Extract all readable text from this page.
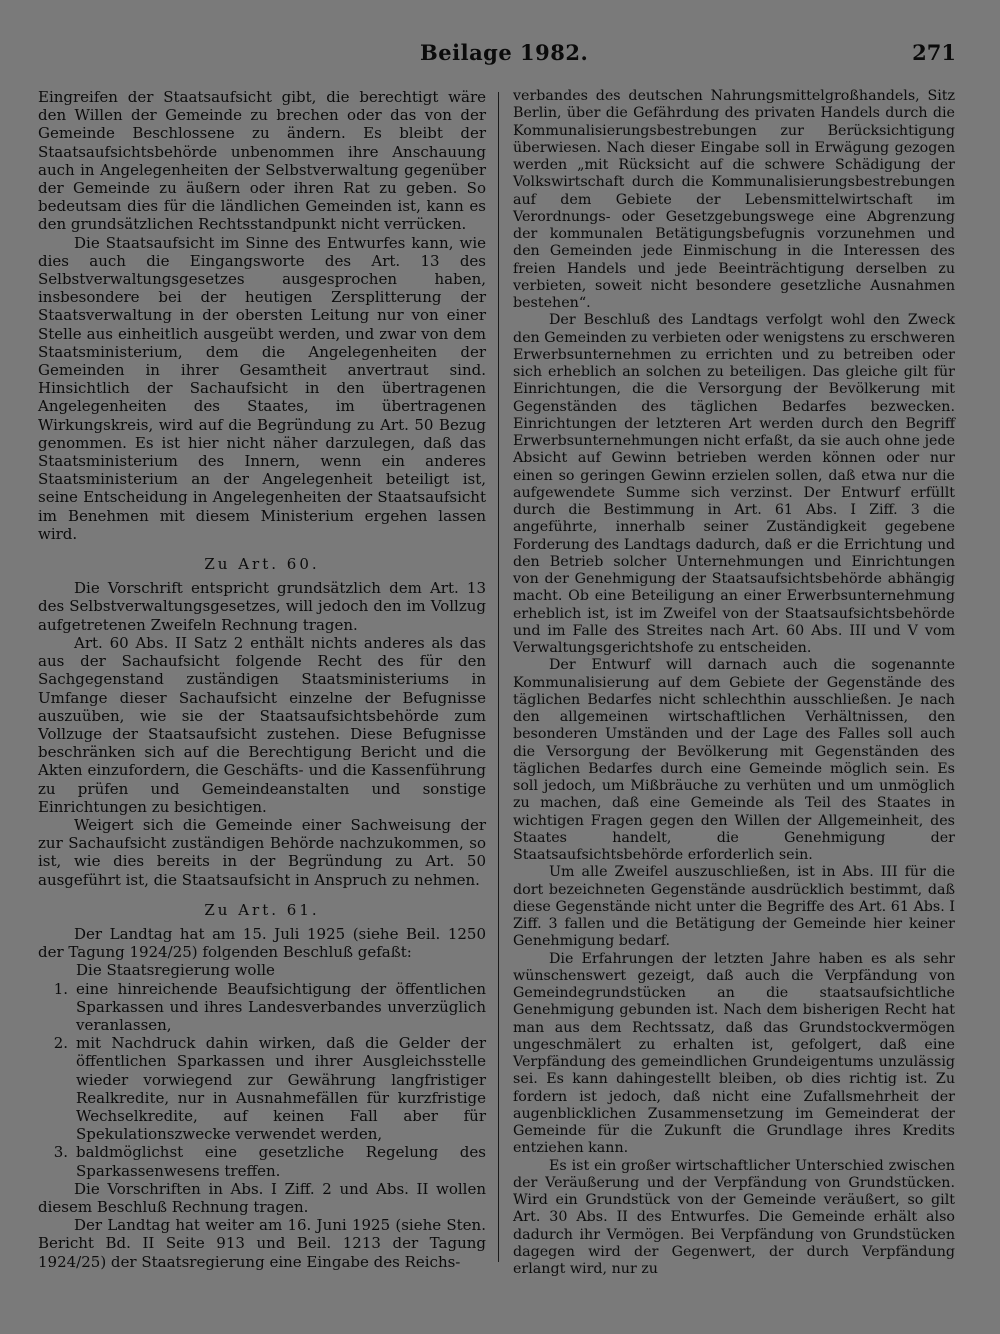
Beilage 1982.	271

Eingreifen der Staatsaufsicht gibt, die berechtigt wäre den Willen der Gemeinde zu brechen oder das von der Gemeinde Beschlossene zu ändern. Es bleibt der Staatsaufsichtsbehörde unbenommen ihre Anschauung auch in Angelegenheiten der Selbstverwaltung gegenüber der Gemeinde zu äußern oder ihren Rat zu geben. So bedeutsam dies für die ländlichen Gemeinden ist, kann es den grundsätzlichen Rechtsstandpunkt nicht verrücken.

Die Staatsaufsicht im Sinne des Entwurfes kann, wie dies auch die Eingangsworte des Art. 13 des Selbstverwaltungsgesetzes ausgesprochen haben, insbesondere bei der heutigen Zersplitterung der Staatsverwaltung in der obersten Leitung nur von einer Stelle aus einheitlich ausgeübt werden, und zwar von dem Staatsministerium, dem die Angelegenheiten der Gemeinden in ihrer Gesamtheit anvertraut sind. Hinsichtlich der Sachaufsicht in den übertragenen Angelegenheiten des Staates, im übertragenen Wirkungskreis, wird auf die Begründung zu Art. 50 Bezug genommen. Es ist hier nicht näher darzulegen, daß das Staatsministerium des Innern, wenn ein anderes Staatsministerium an der Angelegenheit beteiligt ist, seine Entscheidung in Angelegenheiten der Staatsaufsicht im Benehmen mit diesem Ministerium ergehen lassen wird.

Zu Art. 60.

Die Vorschrift entspricht grundsätzlich dem Art. 13 des Selbstverwaltungsgesetzes, will jedoch den im Vollzug aufgetretenen Zweifeln Rechnung tragen.

Art. 60 Abs. II Satz 2 enthält nichts anderes als das aus der Sachaufsicht folgende Recht des für den Sachgegenstand zuständigen Staatsministeriums in Umfange dieser Sachaufsicht einzelne der Befugnisse auszuüben, wie sie der Staatsaufsichtsbehörde zum Vollzuge der Staatsaufsicht zustehen. Diese Befugnisse beschränken sich auf die Berechtigung Bericht und die Akten einzufordern, die Geschäfts- und die Kassenführung zu prüfen und Gemeindeanstalten und sonstige Einrichtungen zu besichtigen.

Weigert sich die Gemeinde einer Sachweisung der zur Sachaufsicht zuständigen Behörde nachzukommen, so ist, wie dies bereits in der Begründung zu Art. 50 ausgeführt ist, die Staatsaufsicht in Anspruch zu nehmen.

Zu Art. 61.

Der Landtag hat am 15. Juli 1925 (siehe Beil. 1250 der Tagung 1924/25) folgenden Beschluß gefaßt:

Die Staatsregierung wolle

1. eine hinreichende Beaufsichtigung der öffentlichen Sparkassen und ihres Landesverbandes unverzüglich veranlassen,
2. mit Nachdruck dahin wirken, daß die Gelder der öffentlichen Sparkassen und ihrer Ausgleichsstelle wieder vorwiegend zur Gewährung langfristiger Realkredite, nur in Ausnahmefällen für kurzfristige Wechselkredite, auf keinen Fall aber für Spekulationszwecke verwendet werden,
3. baldmöglichst eine gesetzliche Regelung des Sparkassenwesens treffen.

Die Vorschriften in Abs. I Ziff. 2 und Abs. II wollen diesem Beschluß Rechnung tragen.

Der Landtag hat weiter am 16. Juni 1925 (siehe Sten. Bericht Bd. II Seite 913 und Beil. 1213 der Tagung 1924/25) der Staatsregierung eine Eingabe des Reichs-

verbandes des deutschen Nahrungsmittelgroßhandels, Sitz Berlin, über die Gefährdung des privaten Handels durch die Kommunalisierungsbestrebungen zur Berücksichtigung überwiesen. Nach dieser Eingabe soll in Erwägung gezogen werden „mit Rücksicht auf die schwere Schädigung der Volkswirtschaft durch die Kommunalisierungsbestrebungen auf dem Gebiete der Lebensmittelwirtschaft im Verordnungs- oder Gesetzgebungswege eine Abgrenzung der kommunalen Betätigungsbefugnis vorzunehmen und den Gemeinden jede Einmischung in die Interessen des freien Handels und jede Beeinträchtigung derselben zu verbieten, soweit nicht besondere gesetzliche Ausnahmen bestehen“.

Der Beschluß des Landtags verfolgt wohl den Zweck den Gemeinden zu verbieten oder wenigstens zu erschweren Erwerbsunternehmen zu errichten und zu betreiben oder sich erheblich an solchen zu beteiligen. Das gleiche gilt für Einrichtungen, die die Versorgung der Bevölkerung mit Gegenständen des täglichen Bedarfes bezwecken. Einrichtungen der letzteren Art werden durch den Begriff Erwerbsunternehmungen nicht erfaßt, da sie auch ohne jede Absicht auf Gewinn betrieben werden können oder nur einen so geringen Gewinn erzielen sollen, daß etwa nur die aufgewendete Summe sich verzinst. Der Entwurf erfüllt durch die Bestimmung in Art. 61 Abs. I Ziff. 3 die angeführte, innerhalb seiner Zuständigkeit gegebene Forderung des Landtags dadurch, daß er die Errichtung und den Betrieb solcher Unternehmungen und Einrichtungen von der Genehmigung der Staatsaufsichtsbehörde abhängig macht. Ob eine Beteiligung an einer Erwerbsunternehmung erheblich ist, ist im Zweifel von der Staatsaufsichtsbehörde und im Falle des Streites nach Art. 60 Abs. III und V vom Verwaltungsgerichtshofe zu entscheiden.

Der Entwurf will darnach auch die sogenannte Kommunalisierung auf dem Gebiete der Gegenstände des täglichen Bedarfes nicht schlechthin ausschließen. Je nach den allgemeinen wirtschaftlichen Verhältnissen, den besonderen Umständen und der Lage des Falles soll auch die Versorgung der Bevölkerung mit Gegenständen des täglichen Bedarfes durch eine Gemeinde möglich sein. Es soll jedoch, um Mißbräuche zu verhüten und um unmöglich zu machen, daß eine Gemeinde als Teil des Staates in wichtigen Fragen gegen den Willen der Allgemeinheit, des Staates handelt, die Genehmigung der Staatsaufsichtsbehörde erforderlich sein.

Um alle Zweifel auszuschließen, ist in Abs. III für die dort bezeichneten Gegenstände ausdrücklich bestimmt, daß diese Gegenstände nicht unter die Begriffe des Art. 61 Abs. I Ziff. 3 fallen und die Betätigung der Gemeinde hier keiner Genehmigung bedarf.

Die Erfahrungen der letzten Jahre haben es als sehr wünschenswert gezeigt, daß auch die Verpfändung von Gemeindegrundstücken an die staatsaufsichtliche Genehmigung gebunden ist. Nach dem bisherigen Recht hat man aus dem Rechtssatz, daß das Grundstockvermögen ungeschmälert zu erhalten ist, gefolgert, daß eine Verpfändung des gemeindlichen Grundeigentums unzulässig sei. Es kann dahingestellt bleiben, ob dies richtig ist. Zu fordern ist jedoch, daß nicht eine Zufallsmehrheit der augenblicklichen Zusammensetzung im Gemeinderat der Gemeinde für die Zukunft die Grundlage ihres Kredits entziehen kann.

Es ist ein großer wirtschaftlicher Unterschied zwischen der Veräußerung und der Verpfändung von Grundstücken. Wird ein Grundstück von der Gemeinde veräußert, so gilt Art. 30 Abs. II des Entwurfes. Die Gemeinde erhält also dadurch ihr Vermögen. Bei Verpfändung von Grundstücken dagegen wird der Gegenwert, der durch Verpfändung erlangt wird, nur zu
